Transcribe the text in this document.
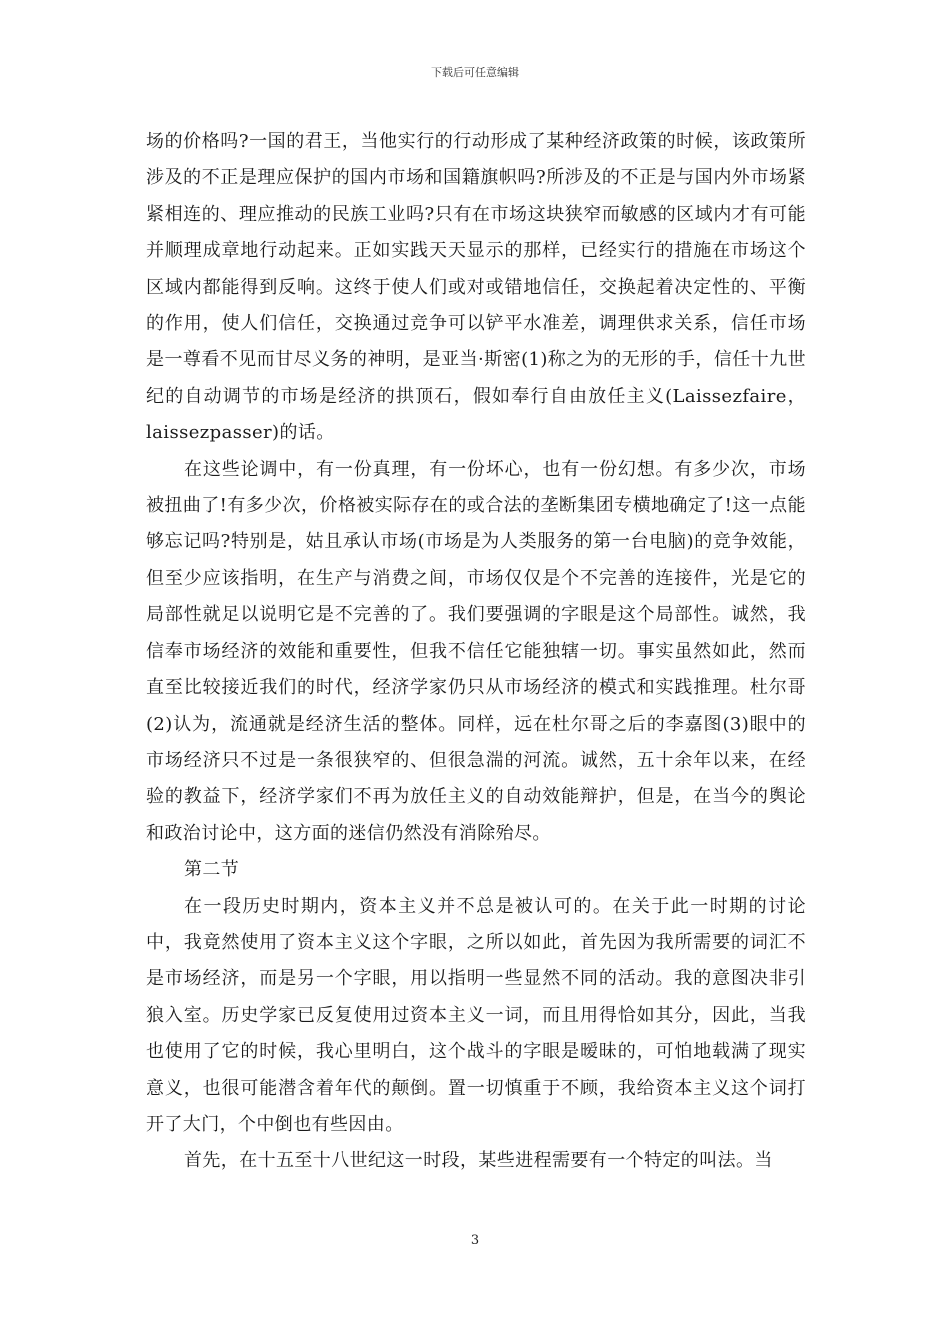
下载后可任意编辑

场的价格吗?一国的君王，当他实行的行动形成了某种经济政策的时候，该政策所涉及的不正是理应保护的国内市场和国籍旗帜吗?所涉及的不正是与国内外市场紧紧相连的、理应推动的民族工业吗?只有在市场这块狭窄而敏感的区域内才有可能并顺理成章地行动起来。正如实践天天显示的那样，已经实行的措施在市场这个区域内都能得到反响。这终于使人们或对或错地信任，交换起着决定性的、平衡的作用，使人们信任，交换通过竞争可以铲平水准差，调理供求关系，信任市场是一尊看不见而甘尽义务的神明，是亚当·斯密(1)称之为的无形的手，信任十九世纪的自动调节的市场是经济的拱顶石，假如奉行自由放任主义(Laissezfaire，laissezpasser)的话。

在这些论调中，有一份真理，有一份坏心，也有一份幻想。有多少次，市场被扭曲了!有多少次，价格被实际存在的或合法的垄断集团专横地确定了!这一点能够忘记吗?特别是，姑且承认市场(市场是为人类服务的第一台电脑)的竞争效能，但至少应该指明，在生产与消费之间，市场仅仅是个不完善的连接件，光是它的局部性就足以说明它是不完善的了。我们要强调的字眼是这个局部性。诚然，我信奉市场经济的效能和重要性，但我不信任它能独辖一切。事实虽然如此，然而直至比较接近我们的时代，经济学家仍只从市场经济的模式和实践推理。杜尔哥(2)认为，流通就是经济生活的整体。同样，远在杜尔哥之后的李嘉图(3)眼中的市场经济只不过是一条很狭窄的、但很急湍的河流。诚然，五十余年以来，在经验的教益下，经济学家们不再为放任主义的自动效能辩护，但是，在当今的舆论和政治讨论中，这方面的迷信仍然没有消除殆尽。

第二节

在一段历史时期内，资本主义并不总是被认可的。在关于此一时期的讨论中，我竟然使用了资本主义这个字眼，之所以如此，首先因为我所需要的词汇不是市场经济，而是另一个字眼，用以指明一些显然不同的活动。我的意图决非引狼入室。历史学家已反复使用过资本主义一词，而且用得恰如其分，因此，当我也使用了它的时候，我心里明白，这个战斗的字眼是暧昧的，可怕地载满了现实意义，也很可能潜含着年代的颠倒。置一切慎重于不顾，我给资本主义这个词打开了大门，个中倒也有些因由。

首先，在十五至十八世纪这一时段，某些进程需要有一个特定的叫法。当

3
